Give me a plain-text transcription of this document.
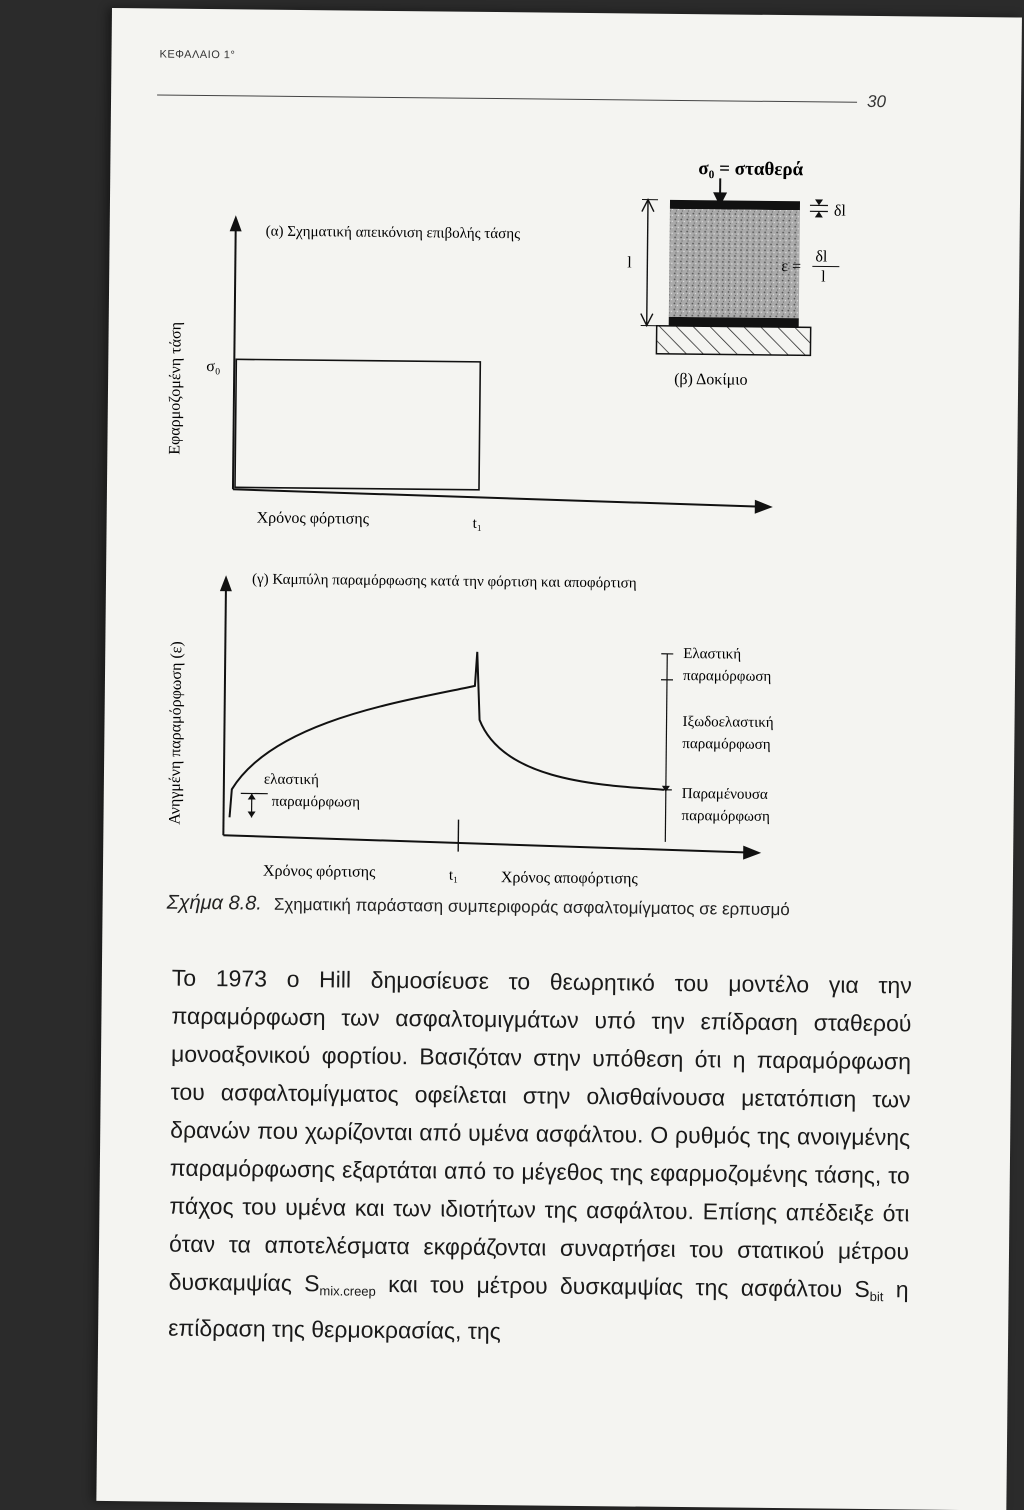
ΚΕΦΑΛΑΙΟ 1°
30
(α) Σχηματική απεικόνιση επιβολής τάσης
Εφαρμοζομένη τάση σ₀
Χρόνος φόρτισης	t₁
σ₀ = σταθερά
l
δl
ε =
δl
l
(β) Δοκίμιο
(γ) Καμπύλη παραμόρφωσης κατά την φόρτιση και αποφόρτιση
Ανηγμένη παραμόρφωση (ε)	ελαστική
παραμόρφωση
Ελαστική
παραμόρφωση
Ιξωδοελαστική
παραμόρφωση
Παραμένουσα
παραμόρφωση
Χρόνος φόρτισης	t₁	Χρόνος αποφόρτισης
Σχήμα 8.8. Σχηματική παράσταση συμπεριφοράς ασφαλτομίγματος σε ερπυσμό

Το 1973 ο Hill δημοσίευσε το θεωρητικό του μοντέλο για την παραμόρφωση των ασφαλτομιγμάτων υπό την επίδραση σταθερού μονοαξονικού φορτίου. Βασιζόταν στην υπόθεση ότι η παραμόρφωση του ασφαλτομίγματος οφείλεται στην ολισθαίνουσα μετατόπιση των δρανών που χωρίζονται από υμένα ασφάλτου. Ο ρυθμός της ανοιγμένης παραμόρφωσης εξαρτάται από το μέγεθος της εφαρμοζομένης τάσης, το πάχος του υμένα και των ιδιοτήτων της ασφάλτου. Επίσης απέδειξε ότι όταν τα αποτελέσματα εκφράζονται συναρτήσει του στατικού μέτρου δυσκαμψίας $S_{mix.creep}$ και του μέτρου δυσκαμψίας της ασφάλτου $S_{bit}$ η επίδραση της θερμοκρασίας, της
